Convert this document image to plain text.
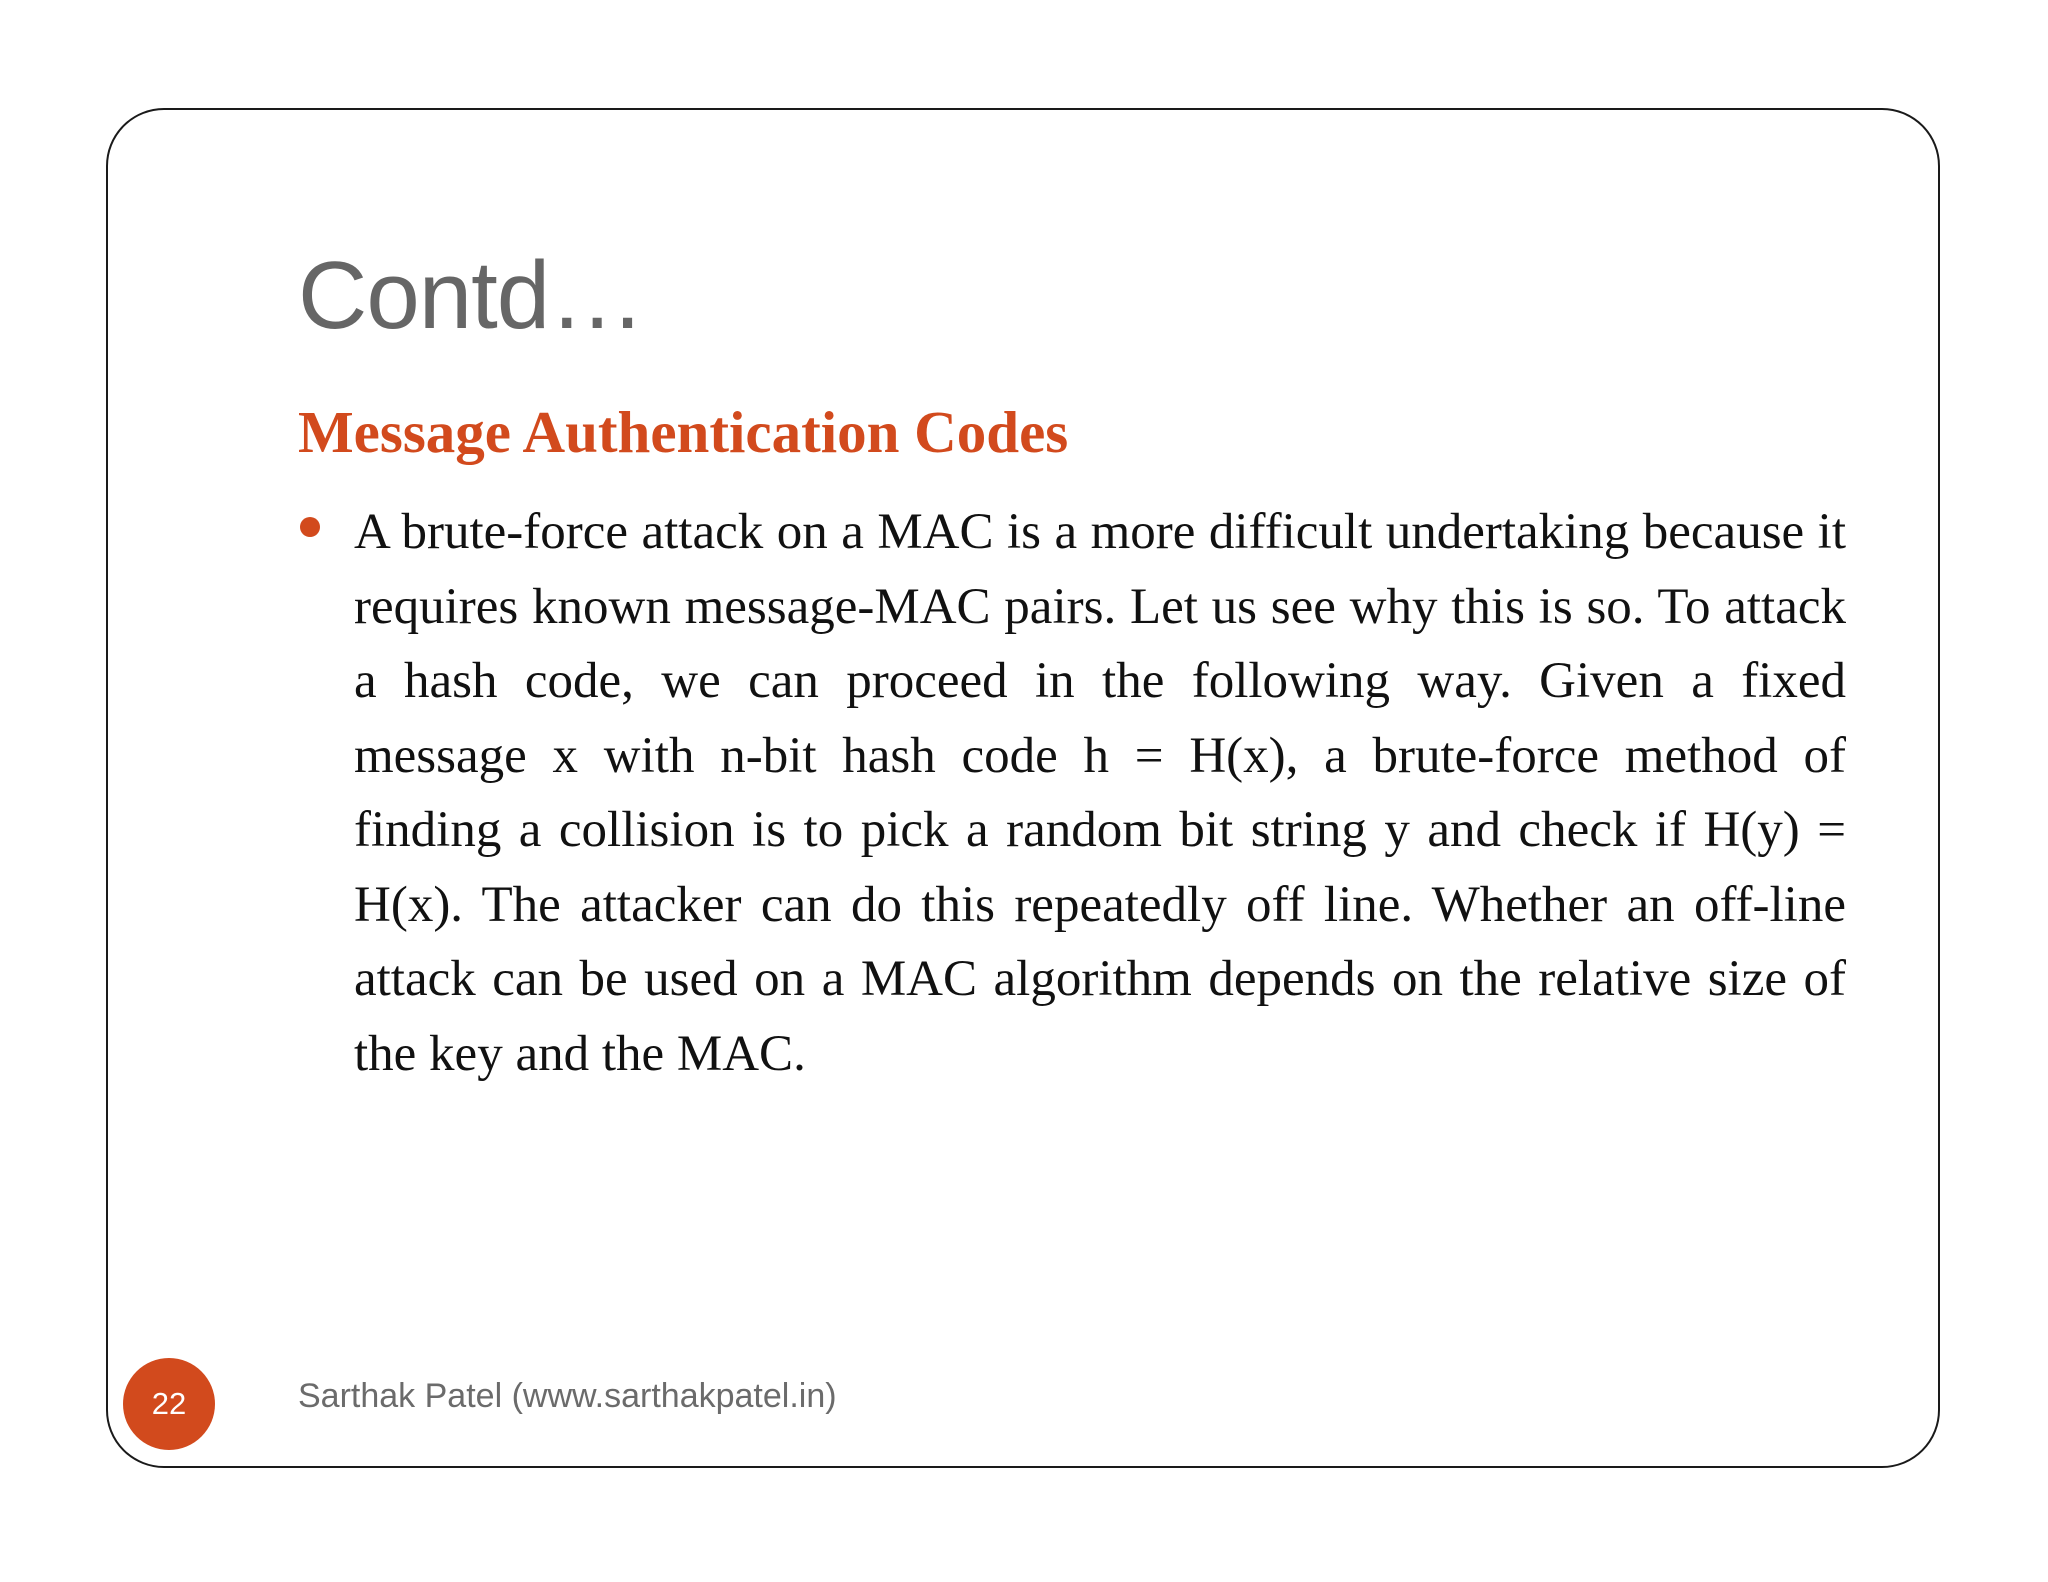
Contd…
Message Authentication Codes

A brute-force attack on a MAC is a more difficult undertaking because it requires known message-MAC pairs. Let us see why this is so. To attack a hash code, we can proceed in the following way. Given a fixed message x with n-bit hash code h = H(x), a brute-force method of finding a collision is to pick a random bit string y and check if H(y) = H(x). The attacker can do this repeatedly off line. Whether an off-line attack can be used on a MAC algorithm depends on the relative size of the key and the MAC.

22	Sarthak Patel (www.sarthakpatel.in)
